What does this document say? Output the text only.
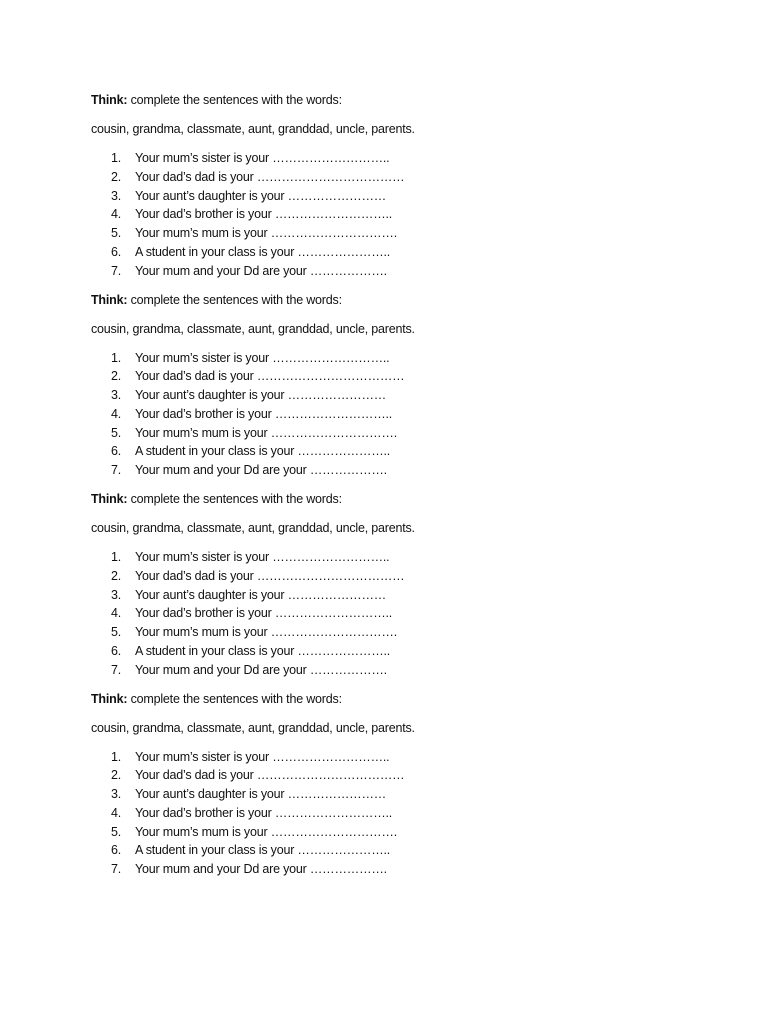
Think: complete the sentences with the words:

cousin, grandma, classmate, aunt, granddad, uncle, parents.

1.	Your mum’s sister is your ………………………..
2.	Your dad’s dad is your ………………………………
3.	Your aunt’s daughter is your ……………………
4.	Your dad’s brother is your ………………………..
5.	Your mum’s mum is your ………………………….
6.	A student in your class is your …………………..
7.	Your mum and your Dd are your ……………….

Think: complete the sentences with the words:

cousin, grandma, classmate, aunt, granddad, uncle, parents.

1.	Your mum’s sister is your ………………………..
2.	Your dad’s dad is your ………………………………
3.	Your aunt’s daughter is your ……………………
4.	Your dad’s brother is your ………………………..
5.	Your mum’s mum is your ………………………….
6.	A student in your class is your …………………..
7.	Your mum and your Dd are your ……………….

Think: complete the sentences with the words:

cousin, grandma, classmate, aunt, granddad, uncle, parents.

1.	Your mum’s sister is your ………………………..
2.	Your dad’s dad is your ………………………………
3.	Your aunt’s daughter is your ……………………
4.	Your dad’s brother is your ………………………..
5.	Your mum’s mum is your ………………………….
6.	A student in your class is your …………………..
7.	Your mum and your Dd are your ……………….

Think: complete the sentences with the words:

cousin, grandma, classmate, aunt, granddad, uncle, parents.

1.	Your mum’s sister is your ………………………..
2.	Your dad’s dad is your ………………………………
3.	Your aunt’s daughter is your ……………………
4.	Your dad’s brother is your ………………………..
5.	Your mum’s mum is your ………………………….
6.	A student in your class is your …………………..
7.	Your mum and your Dd are your ……………….
